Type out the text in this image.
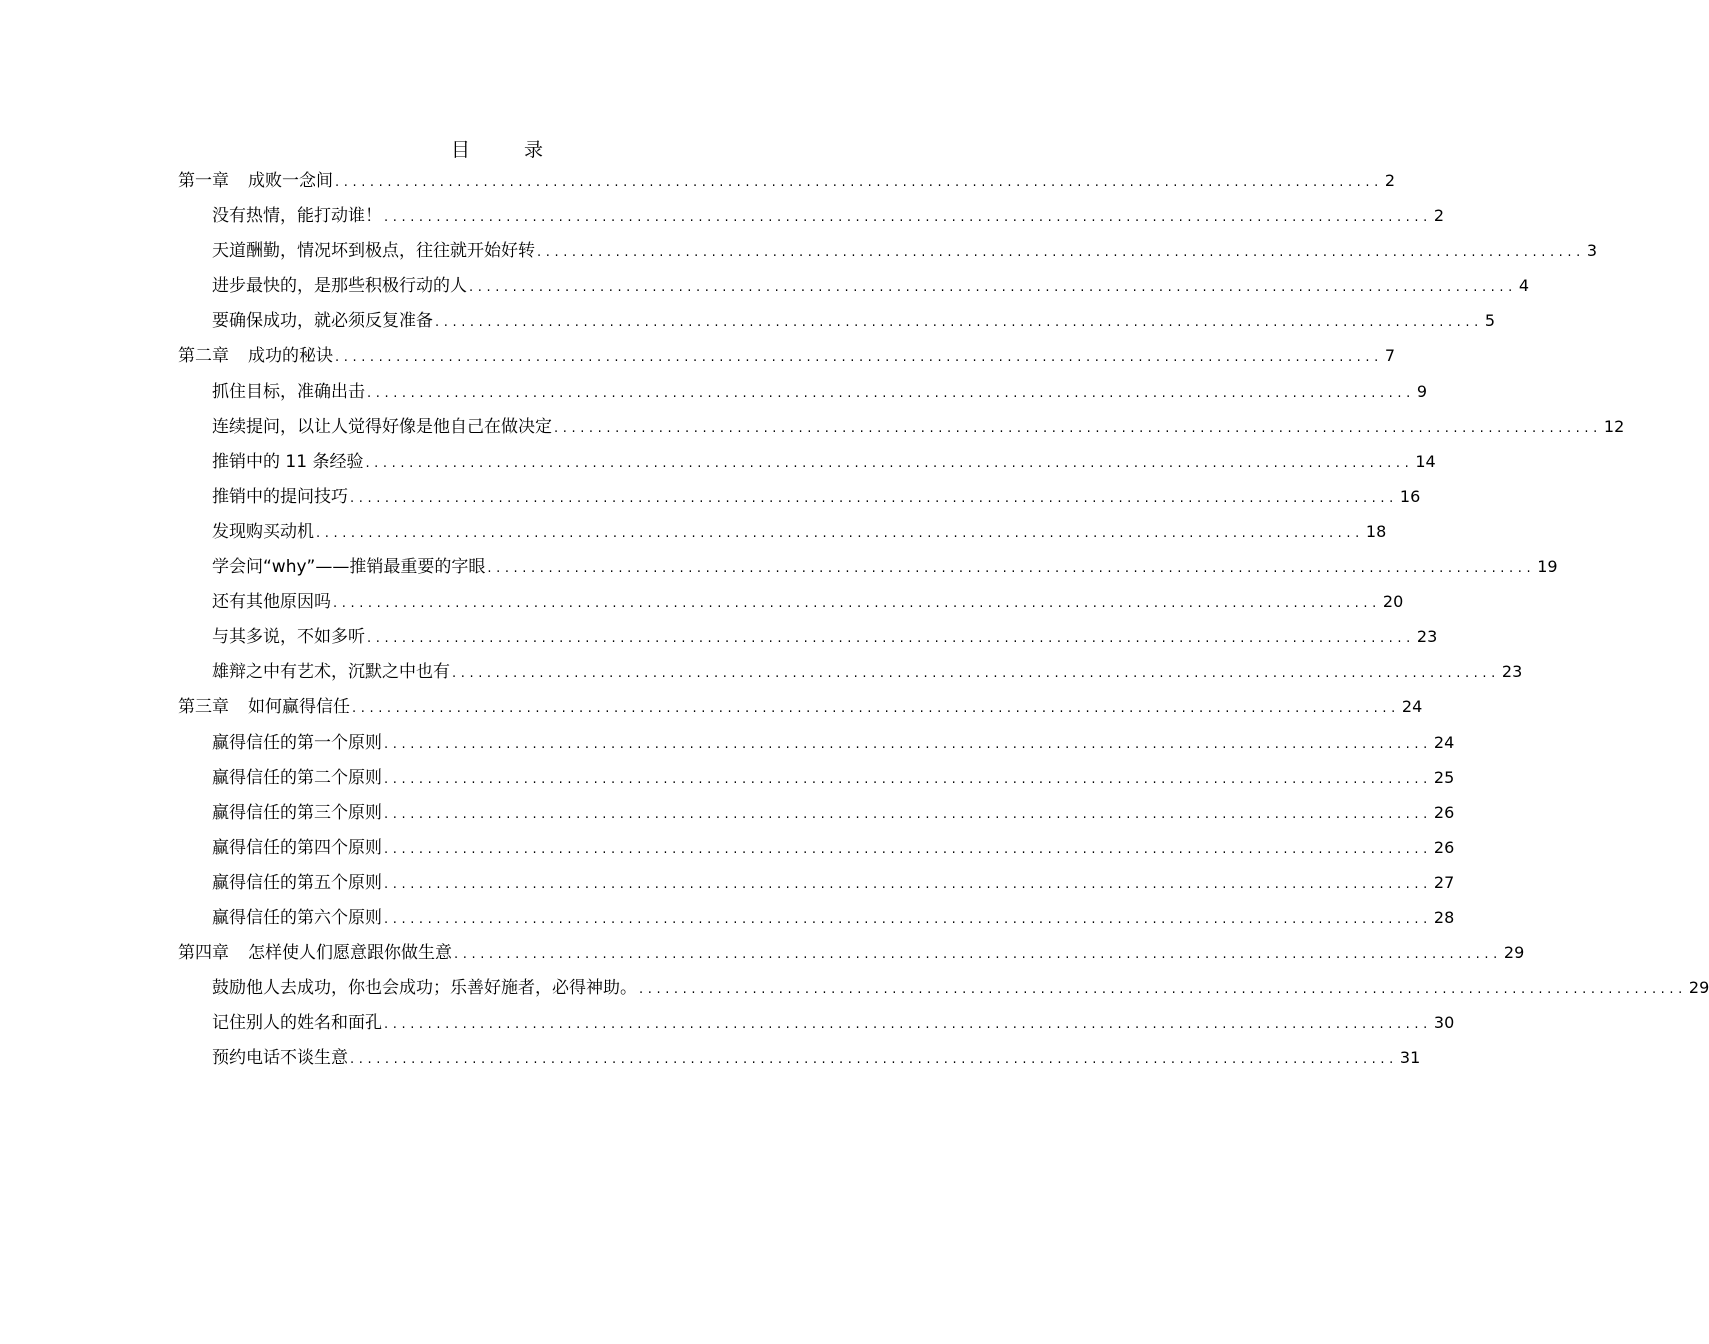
目 录
第一章 成败一念间 ........................................................................................................................ 2
没有热情，能打动谁！ ........................................................................................................................ 2
天道酬勤，情况坏到极点，往往就开始好转 ........................................................................................................................ 3
进步最快的，是那些积极行动的人 ........................................................................................................................ 4
要确保成功，就必须反复准备 ........................................................................................................................ 5
第二章 成功的秘诀 ........................................................................................................................ 7
抓住目标，准确出击 ........................................................................................................................ 9
连续提问，以让人觉得好像是他自己在做决定 ........................................................................................................................ 12
推销中的 11 条经验 ........................................................................................................................ 14
推销中的提问技巧 ........................................................................................................................ 16
发现购买动机 ........................................................................................................................ 18
学会问“why”——推销最重要的字眼 ........................................................................................................................ 19
还有其他原因吗 ........................................................................................................................ 20
与其多说，不如多听 ........................................................................................................................ 23
雄辩之中有艺术，沉默之中也有 ........................................................................................................................ 23
第三章 如何赢得信任 ........................................................................................................................ 24
赢得信任的第一个原则 ........................................................................................................................ 24
赢得信任的第二个原则 ........................................................................................................................ 25
赢得信任的第三个原则 ........................................................................................................................ 26
赢得信任的第四个原则 ........................................................................................................................ 26
赢得信任的第五个原则 ........................................................................................................................ 27
赢得信任的第六个原则 ........................................................................................................................ 28
第四章 怎样使人们愿意跟你做生意 ........................................................................................................................ 29
鼓励他人去成功，你也会成功；乐善好施者，必得神助。 ........................................................................................................................ 29
记住别人的姓名和面孔 ........................................................................................................................ 30
预约电话不谈生意 ........................................................................................................................ 31
